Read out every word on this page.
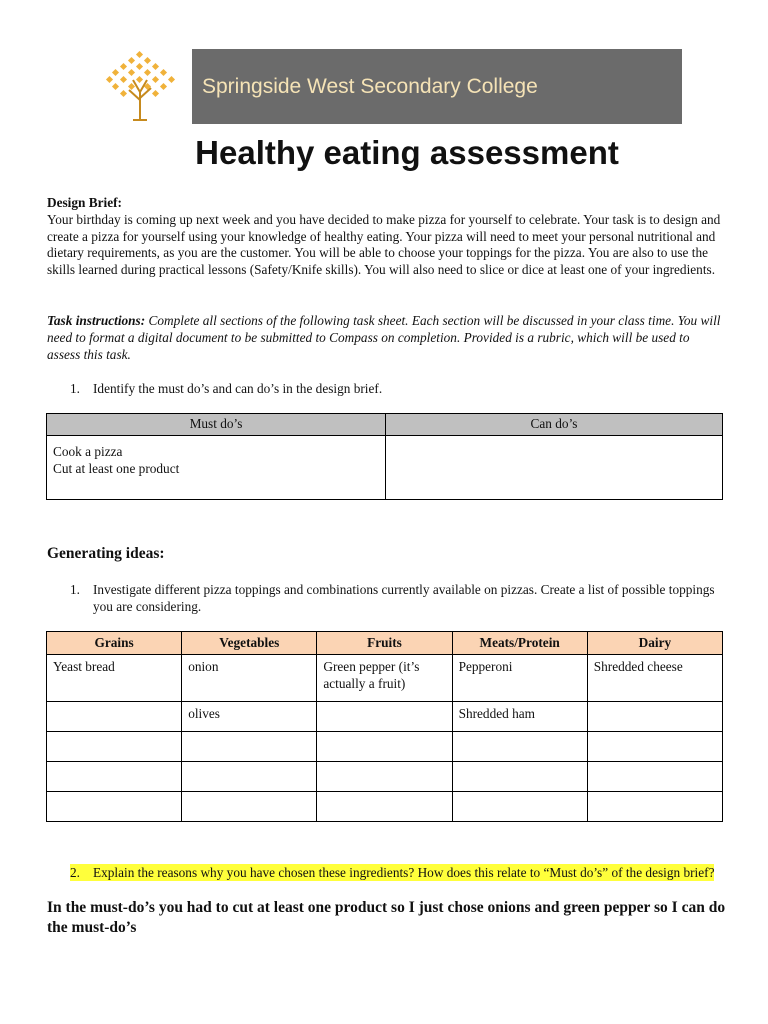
Springside West Secondary College
Healthy eating assessment
Design Brief:
Your birthday is coming up next week and you have decided to make pizza for yourself to celebrate. Your task is to design and create a pizza for yourself using your knowledge of healthy eating. Your pizza will need to meet your personal nutritional and dietary requirements, as you are the customer. You will be able to choose your toppings for the pizza. You are also to use the skills learned during practical lessons (Safety/Knife skills). You will also need to slice or dice at least one of your ingredients.
Task instructions: Complete all sections of the following task sheet. Each section will be discussed in your class time. You will need to format a digital document to be submitted to Compass on completion. Provided is a rubric, which will be used to assess this task.
1. Identify the must do’s and can do’s in the design brief.
Must do’s	Can do’s

Cook a pizza
Cut at least one product	

Generating ideas:
1. Investigate different pizza toppings and combinations currently available on pizzas. Create a list of possible toppings you are considering.
Grains	Vegetables	Fruits	Meats/Protein	Dairy
Yeast bread	onion	Green pepper (it’s actually a fruit)	Pepperoni	Shredded cheese
	olives		Shredded ham	

2. Explain the reasons why you have chosen these ingredients? How does this relate to “Must do’s” of the design brief?
In the must-do’s you had to cut at least one product so I just chose onions and green pepper so I can do the must-do’s
